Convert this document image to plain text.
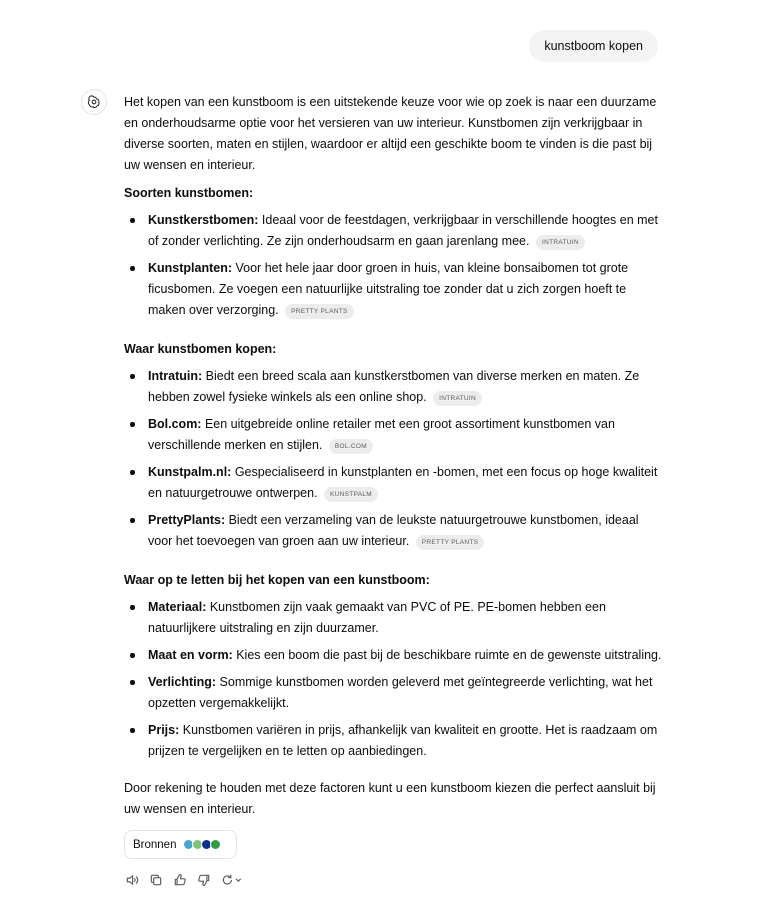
kunstboom kopen

Het kopen van een kunstboom is een uitstekende keuze voor wie op zoek is naar een duurzame en onderhoudsarme optie voor het versieren van uw interieur. Kunstbomen zijn verkrijgbaar in diverse soorten, maten en stijlen, waardoor er altijd een geschikte boom te vinden is die past bij uw wensen en interieur.

Soorten kunstbomen:

Kunstkerstbomen: Ideaal voor de feestdagen, verkrijgbaar in verschillende hoogtes en met of zonder verlichting. Ze zijn onderhoudsarm en gaan jarenlang mee. INTRATUIN
Kunstplanten: Voor het hele jaar door groen in huis, van kleine bonsaibomen tot grote ficusbomen. Ze voegen een natuurlijke uitstraling toe zonder dat u zich zorgen hoeft te maken over verzorging. PRETTY PLANTS

Waar kunstbomen kopen:

Intratuin: Biedt een breed scala aan kunstkerstbomen van diverse merken en maten. Ze hebben zowel fysieke winkels als een online shop. INTRATUIN
Bol.com: Een uitgebreide online retailer met een groot assortiment kunstbomen van verschillende merken en stijlen. BOL.COM
Kunstpalm.nl: Gespecialiseerd in kunstplanten en -bomen, met een focus op hoge kwaliteit en natuurgetrouwe ontwerpen. KUNSTPALM
PrettyPlants: Biedt een verzameling van de leukste natuurgetrouwe kunstbomen, ideaal voor het toevoegen van groen aan uw interieur. PRETTY PLANTS

Waar op te letten bij het kopen van een kunstboom:

Materiaal: Kunstbomen zijn vaak gemaakt van PVC of PE. PE-bomen hebben een natuurlijkere uitstraling en zijn duurzamer.
Maat en vorm: Kies een boom die past bij de beschikbare ruimte en de gewenste uitstraling.
Verlichting: Sommige kunstbomen worden geleverd met geïntegreerde verlichting, wat het opzetten vergemakkelijkt.
Prijs: Kunstbomen variëren in prijs, afhankelijk van kwaliteit en grootte. Het is raadzaam om prijzen te vergelijken en te letten op aanbiedingen.

Door rekening te houden met deze factoren kunt u een kunstboom kiezen die perfect aansluit bij uw wensen en interieur.

Bronnen
